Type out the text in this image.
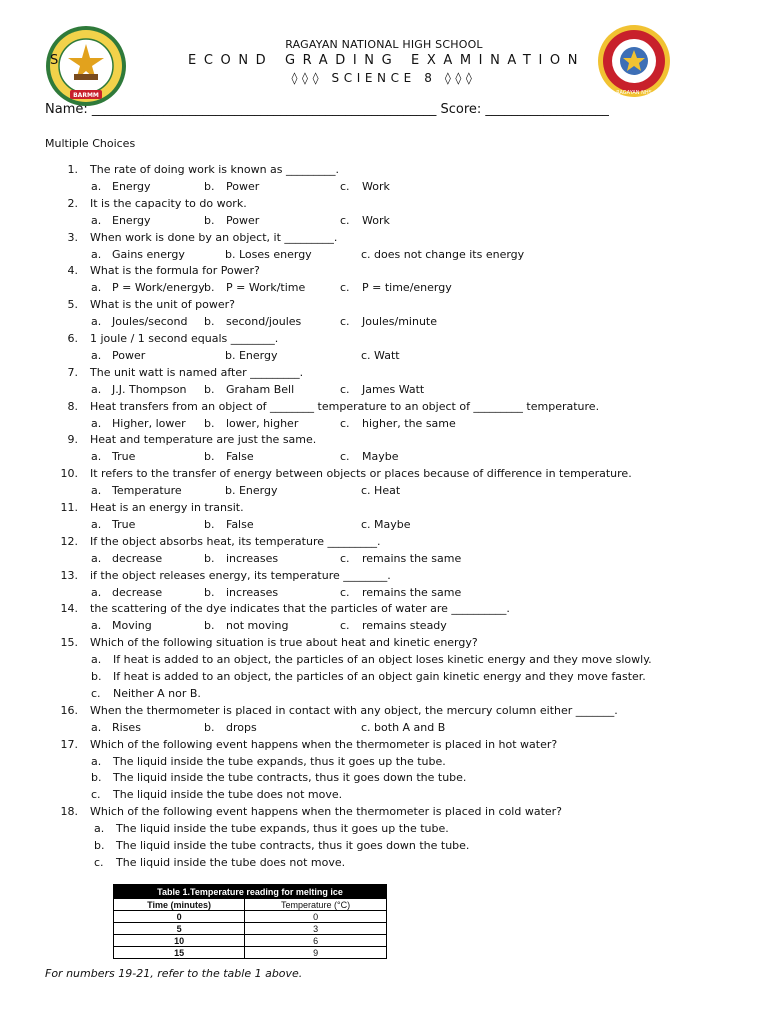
BARMM	RAGAYAN NHS
RAGAYAN NATIONAL HIGH SCHOOL
S	ECOND GRADING EXAMINATION
◊◊◊ SCIENCE 8 ◊◊◊
Name: _____________________________________________________ Score: ___________________
Multiple Choices
1. The rate of doing work is known as _________.
a. Energy	b. Power	c. Work
2. It is the capacity to do work.
a. Energy	b. Power	c. Work
3. When work is done by an object, it _________.
a. Gains energy	b. Loses energy	c. does not change its energy
4. What is the formula for Power?
a. P = Work/energy b. P = Work/time	c. P = time/energy
5. What is the unit of power?
a. Joules/second b. second/joules	c. Joules/minute
6. 1 joule / 1 second equals ________.
a. Power	b. Energy	c. Watt
7. The unit watt is named after _________.
a. J.J. Thompson b. Graham Bell	c. James Watt
8. Heat transfers from an object of ________ temperature to an object of _________ temperature.
a. Higher, lower b. lower, higher	c. higher, the same
9. Heat and temperature are just the same.
a. True	b. False	c. Maybe
10. It refers to the transfer of energy between objects or places because of difference in temperature.
a. Temperature	b. Energy	c. Heat
11. Heat is an energy in transit.
a. True	b. False	c. Maybe
12. If the object absorbs heat, its temperature _________.
a. decrease	b. increases	c. remains the same
13. if the object releases energy, its temperature ________.
a. decrease	b. increases	c. remains the same
14. the scattering of the dye indicates that the particles of water are __________.
a. Moving	b. not moving	c. remains steady
15. Which of the following situation is true about heat and kinetic energy?
a. If heat is added to an object, the particles of an object loses kinetic energy and they move slowly.
b. If heat is added to an object, the particles of an object gain kinetic energy and they move faster.
c. Neither A nor B.
16. When the thermometer is placed in contact with any object, the mercury column either _______.
a. Rises	b. drops	c. both A and B
17. Which of the following event happens when the thermometer is placed in hot water?
a. The liquid inside the tube expands, thus it goes up the tube.
b. The liquid inside the tube contracts, thus it goes down the tube.
c. The liquid inside the tube does not move.
18. Which of the following event happens when the thermometer is placed in cold water?
a. The liquid inside the tube expands, thus it goes up the tube.
b. The liquid inside the tube contracts, thus it goes down the tube.
c. The liquid inside the tube does not move.
Table 1.Temperature reading for melting ice	
Time (minutes)	Temperature (°C)
0	0
5	3
10	6
15	9
For numbers 19-21, refer to the table 1 above.
